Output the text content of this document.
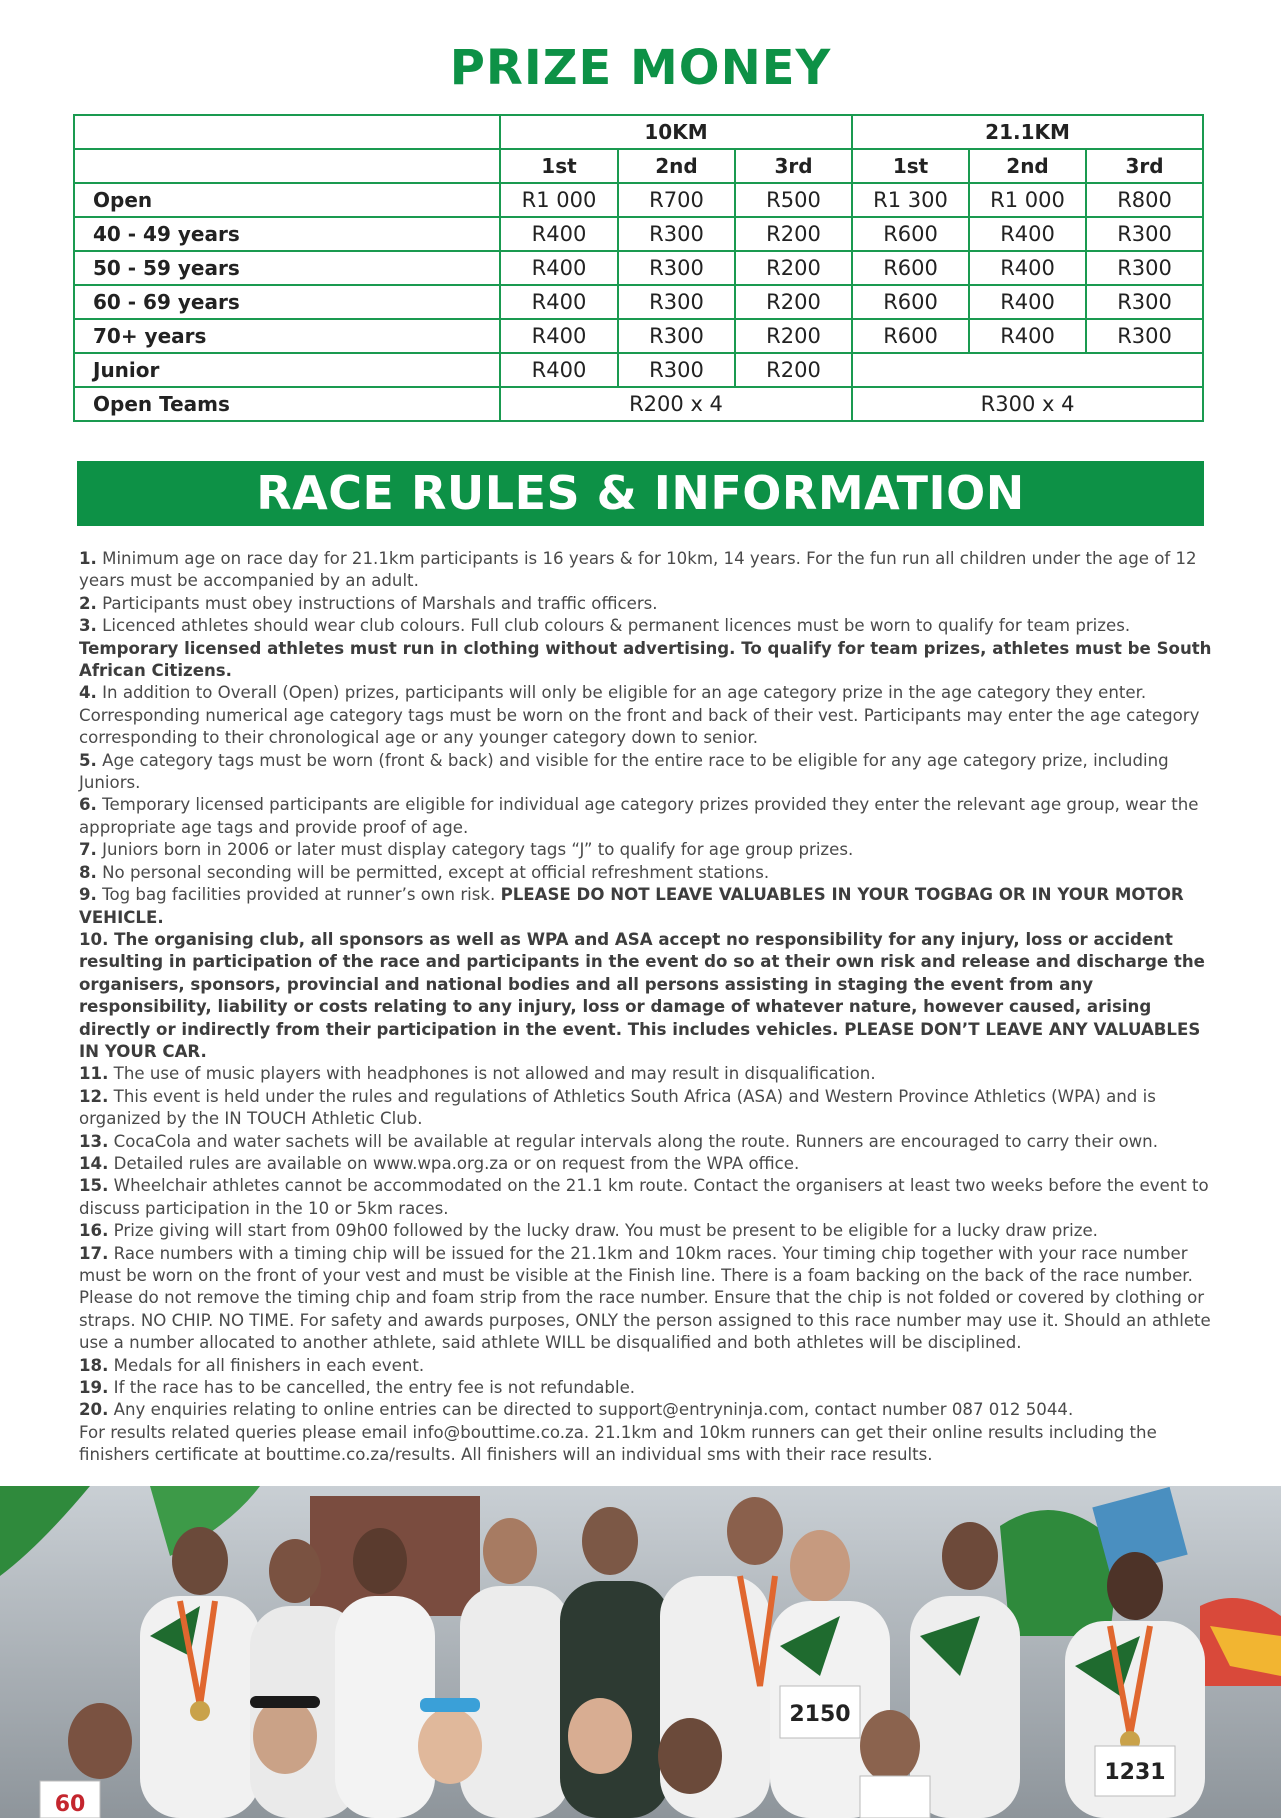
PRIZE MONEY
	10KM			21.1KM		
	1st	2nd	3rd	1st	2nd	3rd
Open	R1 000	R700	R500	R1 300	R1 000	R800
40 - 49 years	R400	R300	R200	R600	R400	R300
50 - 59 years	R400	R300	R200	R600	R400	R300
60 - 69 years	R400	R300	R200	R600	R400	R300
70+ years	R400	R300	R200	R600	R400	R300
Junior	R400	R300	R200			
Open Teams	R200 x 4			R300 x 4		
RACE RULES & INFORMATION

1. Minimum age on race day for 21.1km participants is 16 years & for 10km, 14 years. For the fun run all children under the age of 12 years must be accompanied by an adult.

2. Participants must obey instructions of Marshals and traffic officers.

3. Licenced athletes should wear club colours. Full club colours & permanent licences must be worn to qualify for team prizes. Temporary licensed athletes must run in clothing without advertising. To qualify for team prizes, athletes must be South African Citizens.

4. In addition to Overall (Open) prizes, participants will only be eligible for an age category prize in the age category they enter. Corresponding numerical age category tags must be worn on the front and back of their vest. Participants may enter the age category corresponding to their chronological age or any younger category down to senior.

5. Age category tags must be worn (front & back) and visible for the entire race to be eligible for any age category prize, including Juniors.

6. Temporary licensed participants are eligible for individual age category prizes provided they enter the relevant age group, wear the appropriate age tags and provide proof of age.

7. Juniors born in 2006 or later must display category tags “J” to qualify for age group prizes.

8. No personal seconding will be permitted, except at official refreshment stations.

9. Tog bag facilities provided at runner’s own risk. PLEASE DO NOT LEAVE VALUABLES IN YOUR TOGBAG OR IN YOUR MOTOR VEHICLE.

10. The organising club, all sponsors as well as WPA and ASA accept no responsibility for any injury, loss or accident resulting in participation of the race and participants in the event do so at their own risk and release and discharge the organisers, sponsors, provincial and national bodies and all persons assisting in staging the event from any responsibility, liability or costs relating to any injury, loss or damage of whatever nature, however caused, arising directly or indirectly from their participation in the event. This includes vehicles. PLEASE DON’T LEAVE ANY VALUABLES IN YOUR CAR.

11. The use of music players with headphones is not allowed and may result in disqualification.

12. This event is held under the rules and regulations of Athletics South Africa (ASA) and Western Province Athletics (WPA) and is organized by the IN TOUCH Athletic Club.

13. CocaCola and water sachets will be available at regular intervals along the route. Runners are encouraged to carry their own.

14. Detailed rules are available on www.wpa.org.za or on request from the WPA office.

15. Wheelchair athletes cannot be accommodated on the 21.1 km route. Contact the organisers at least two weeks before the event to discuss participation in the 10 or 5km races.

16. Prize giving will start from 09h00 followed by the lucky draw. You must be present to be eligible for a lucky draw prize.

17. Race numbers with a timing chip will be issued for the 21.1km and 10km races. Your timing chip together with your race number must be worn on the front of your vest and must be visible at the Finish line. There is a foam backing on the back of the race number. Please do not remove the timing chip and foam strip from the race number. Ensure that the chip is not folded or covered by clothing or straps. NO CHIP. NO TIME. For safety and awards purposes, ONLY the person assigned to this race number may use it. Should an athlete use a number allocated to another athlete, said athlete WILL be disqualified and both athletes will be disciplined.

18. Medals for all finishers in each event.

19. If the race has to be cancelled, the entry fee is not refundable.

20. Any enquiries relating to online entries can be directed to support@entryninja.com, contact number 087 012 5044.

For results related queries please email info@bouttime.co.za. 21.1km and 10km runners can get their online results including the finishers certificate at bouttime.co.za/results. All finishers will an individual sms with their race results.

2150
1231
60
